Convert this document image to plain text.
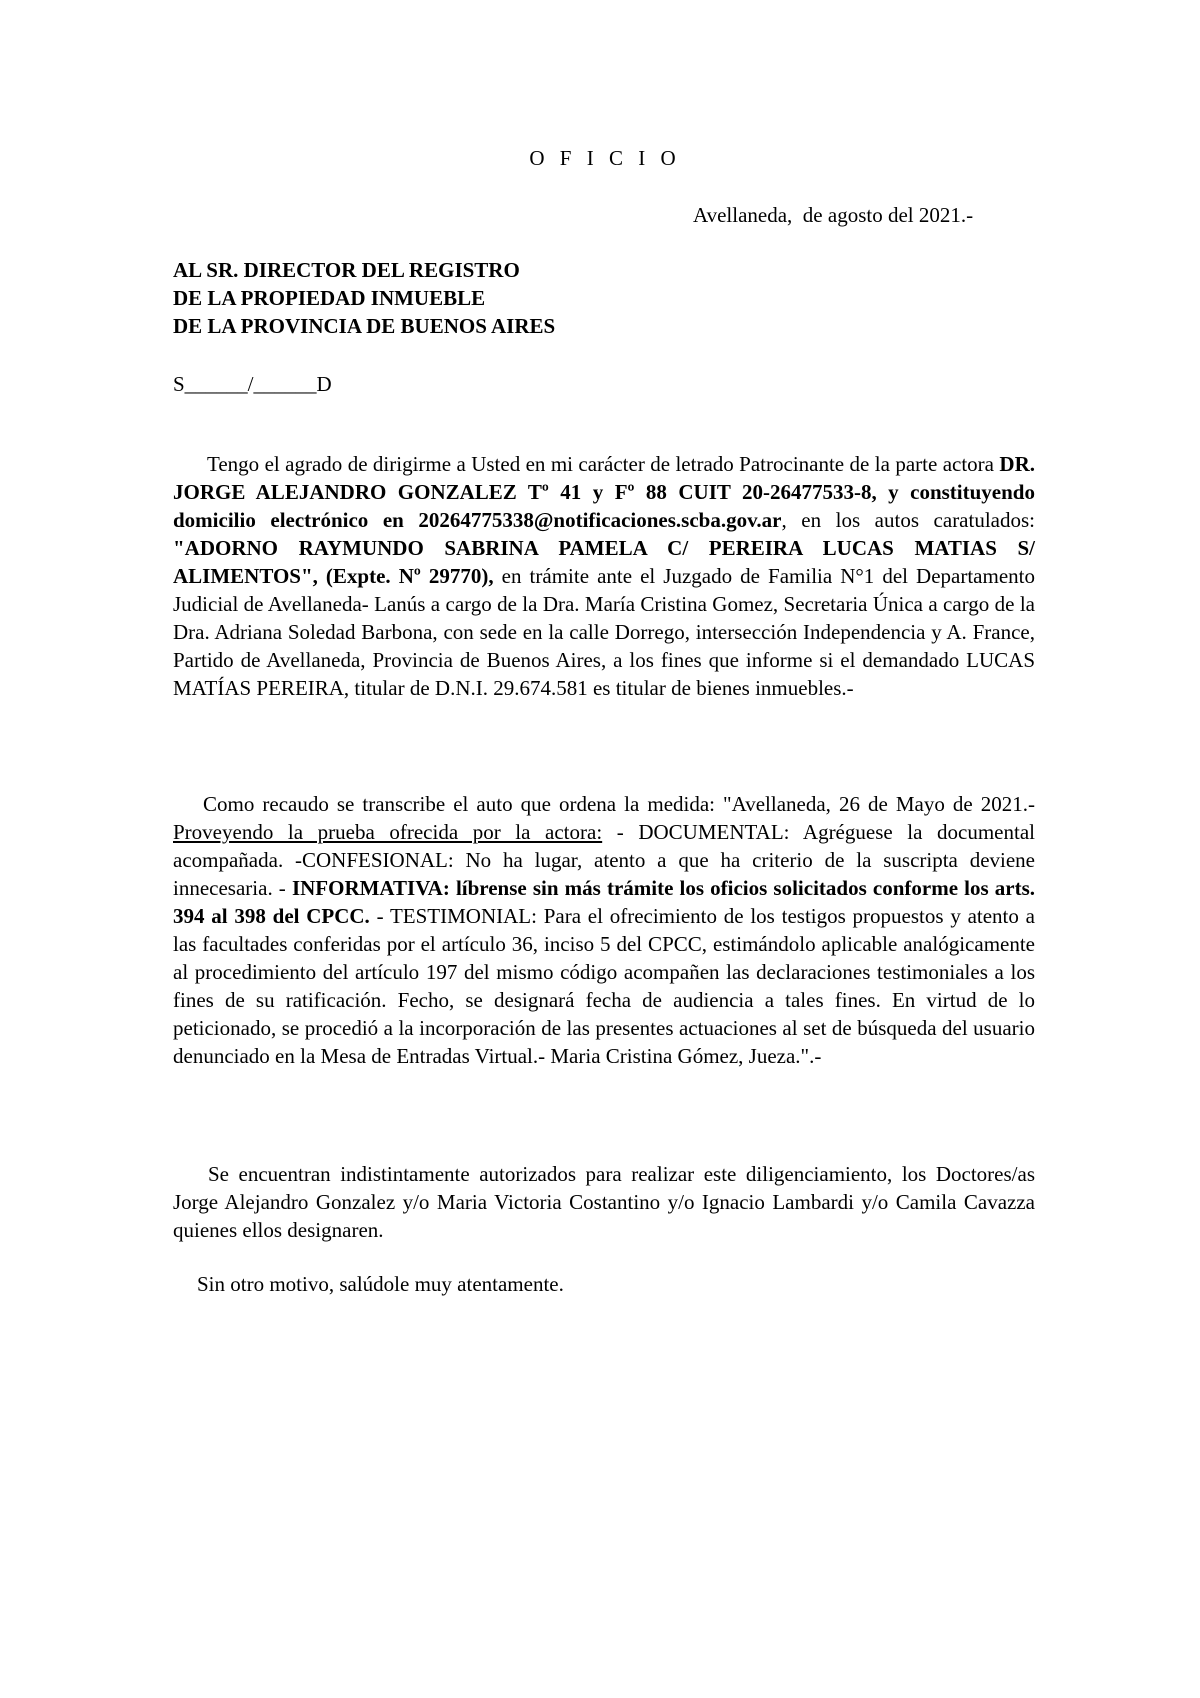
O F I C I O
Avellaneda,  de agosto del 2021.-
AL SR. DIRECTOR DEL REGISTRO
DE LA PROPIEDAD INMUEBLE
DE LA PROVINCIA DE BUENOS AIRES
S______/______D
Tengo el agrado de dirigirme a Usted en mi carácter de letrado Patrocinante de la parte actora DR. JORGE ALEJANDRO GONZALEZ Tº 41 y Fº 88 CUIT 20-26477533-8, y constituyendo domicilio electrónico en 20264775338@notificaciones.scba.gov.ar, en los autos caratulados: "ADORNO RAYMUNDO SABRINA PAMELA C/ PEREIRA LUCAS MATIAS S/ ALIMENTOS", (Expte. Nº 29770), en trámite ante el Juzgado de Familia N°1 del Departamento Judicial de Avellaneda- Lanús a cargo de la Dra. María Cristina Gomez, Secretaria Única a cargo de la Dra. Adriana Soledad Barbona, con sede en la calle Dorrego, intersección Independencia y A. France, Partido de Avellaneda, Provincia de Buenos Aires, a los fines que informe si el demandado LUCAS MATÍAS PEREIRA, titular de D.N.I. 29.674.581 es titular de bienes inmuebles.-
Como recaudo se transcribe el auto que ordena la medida: "Avellaneda, 26 de Mayo de 2021.- Proveyendo la prueba ofrecida por la actora: - DOCUMENTAL: Agréguese la documental acompañada. -CONFESIONAL: No ha lugar, atento a que ha criterio de la suscripta deviene innecesaria. - INFORMATIVA: líbrense sin más trámite los oficios solicitados conforme los arts. 394 al 398 del CPCC. - TESTIMONIAL: Para el ofrecimiento de los testigos propuestos y atento a las facultades conferidas por el artículo 36, inciso 5 del CPCC, estimándolo aplicable analógicamente al procedimiento del artículo 197 del mismo código acompañen las declaraciones testimoniales a los fines de su ratificación. Fecho, se designará fecha de audiencia a tales fines. En virtud de lo peticionado, se procedió a la incorporación de las presentes actuaciones al set de búsqueda del usuario denunciado en la Mesa de Entradas Virtual.- Maria Cristina Gómez, Jueza.".-
Se encuentran indistintamente autorizados para realizar este diligenciamiento, los Doctores/as Jorge Alejandro Gonzalez y/o Maria Victoria Costantino y/o Ignacio Lambardi y/o Camila Cavazza quienes ellos designaren.
Sin otro motivo, salúdole muy atentamente.
